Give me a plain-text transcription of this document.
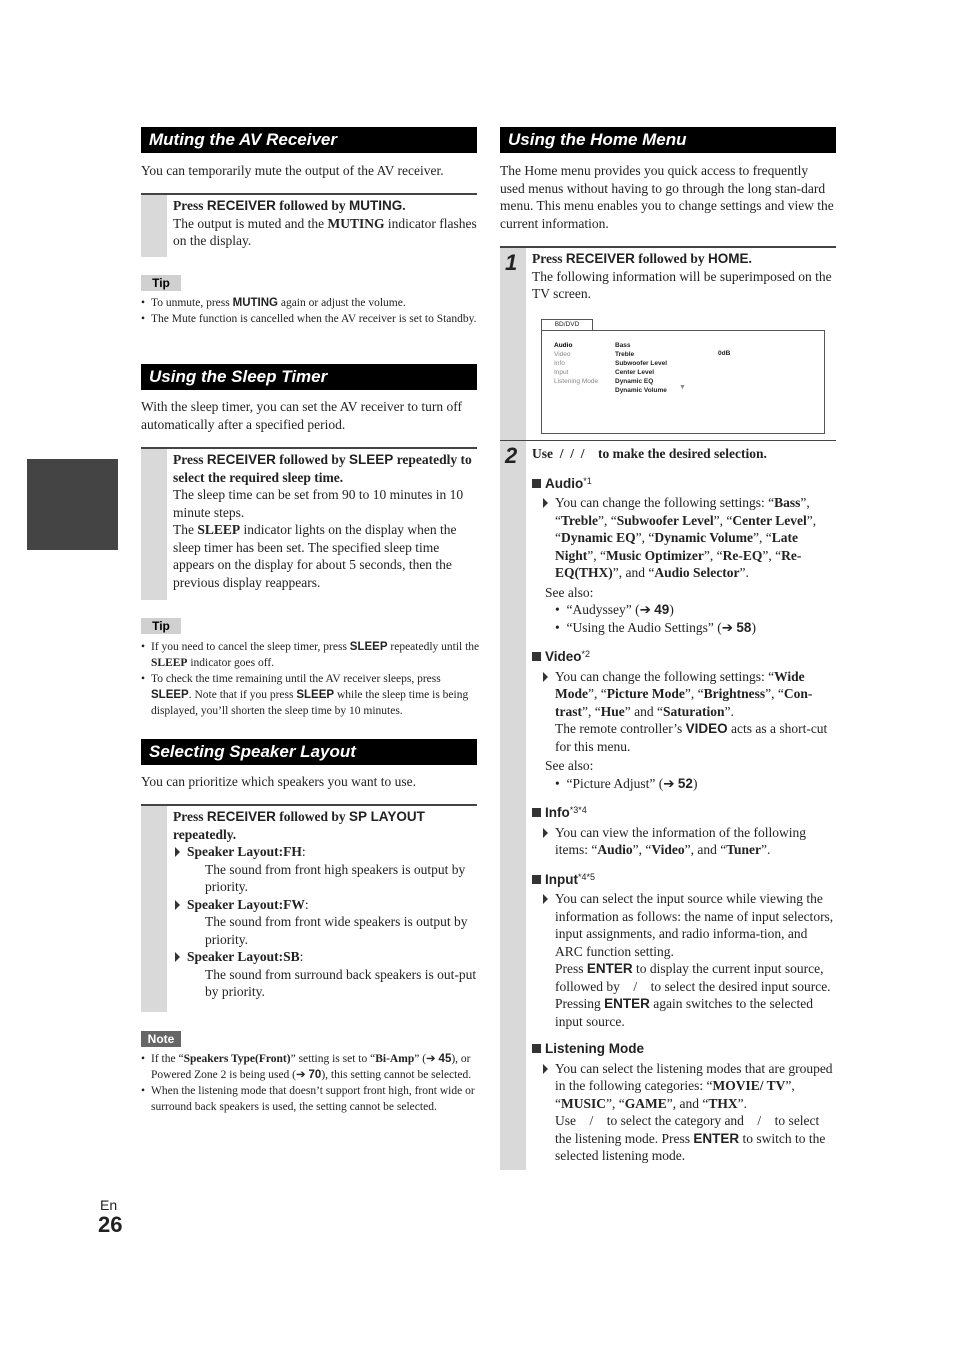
Muting the AV Receiver
You can temporarily mute the output of the AV receiver.
Press RECEIVER followed by MUTING.
The output is muted and the MUTING indicator flashes on the display.
Tip
• To unmute, press MUTING again or adjust the volume.
• The Mute function is cancelled when the AV receiver is set to Standby.
Using the Sleep Timer
With the sleep timer, you can set the AV receiver to turn off automatically after a specified period.
Press RECEIVER followed by SLEEP repeatedly to select the required sleep time.
The sleep time can be set from 90 to 10 minutes in 10 minute steps.
The SLEEP indicator lights on the display when the sleep timer has been set. The specified sleep time appears on the display for about 5 seconds, then the previous display reappears.
Tip
• If you need to cancel the sleep timer, press SLEEP repeatedly until the SLEEP indicator goes off.
• To check the time remaining until the AV receiver sleeps, press SLEEP. Note that if you press SLEEP while the sleep time is being displayed, you’ll shorten the sleep time by 10 minutes.
Selecting Speaker Layout
You can prioritize which speakers you want to use.
Press RECEIVER followed by SP LAYOUT repeatedly.
Speaker Layout:FH:
The sound from front high speakers is output by priority.
Speaker Layout:FW:
The sound from front wide speakers is output by priority.
Speaker Layout:SB:
The sound from surround back speakers is out-put by priority.
Note
• If the “Speakers Type(Front)” setting is set to “Bi-Amp” (➔ 45), or Powered Zone 2 is being used (➔ 70), this setting cannot be selected.
• When the listening mode that doesn’t support front high, front wide or surround back speakers is used, the setting cannot be selected.
Using the Home Menu
The Home menu provides you quick access to frequently used menus without having to go through the long stan-dard menu. This menu enables you to change settings and view the current information.
1 Press RECEIVER followed by HOME.
The following information will be superimposed on the TV screen.
BD/DVD
Audio
Video
Info
Input
Listening Mode
Bass
Treble
Subwoofer Level
Center Level
Dynamic EQ
Dynamic Volume ▼
0dB
2 Use  /  /  /    to make the desired selection.
Audio$^{*1}$
You can change the following settings: “Bass”, “Treble”, “Subwoofer Level”, “Center Level”, “Dynamic EQ”, “Dynamic Volume”, “Late Night”, “Music Optimizer”, “Re-EQ”, “Re-EQ(THX)”, and “Audio Selector”.
See also:
•  “Audyssey” (➔ 49)
•  “Using the Audio Settings” (➔ 58)
Video$^{*2}$
You can change the following settings: “Wide Mode”, “Picture Mode”, “Brightness”, “Con-trast”, “Hue” and “Saturation”.
The remote controller’s VIDEO acts as a short-cut for this menu.
See also:
•  “Picture Adjust” (➔ 52)
Info$^{*3*4}$
You can view the information of the following items: “Audio”, “Video”, and “Tuner”.
Input$^{*4*5}$
You can select the input source while viewing the information as follows: the name of input selectors, input assignments, and radio informa-tion, and ARC function setting.
Press ENTER to display the current input source, followed by    /    to select the desired input source. Pressing ENTER again switches to the selected input source.
Listening Mode
You can select the listening modes that are grouped in the following categories: “MOVIE/ TV”, “MUSIC”, “GAME”, and “THX”.
Use    /    to select the category and    /    to select the listening mode. Press ENTER to switch to the selected listening mode.
En
26
